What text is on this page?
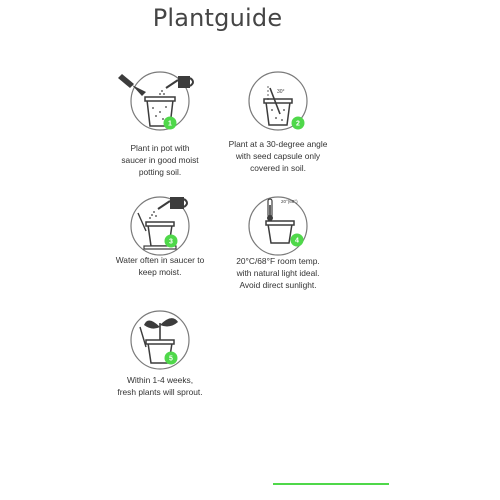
Plantguide
1
Plant in pot with
saucer in good moist
potting soil.
30°
2
Plant at a 30-degree angle
with seed capsule only
covered in soil.
3
Water often in saucer to
keep moist.
20°(68°)
4
20°C/68°F room temp.
with natural light ideal.
Avoid direct sunlight.
5
Within 1-4 weeks,
fresh plants will sprout.
